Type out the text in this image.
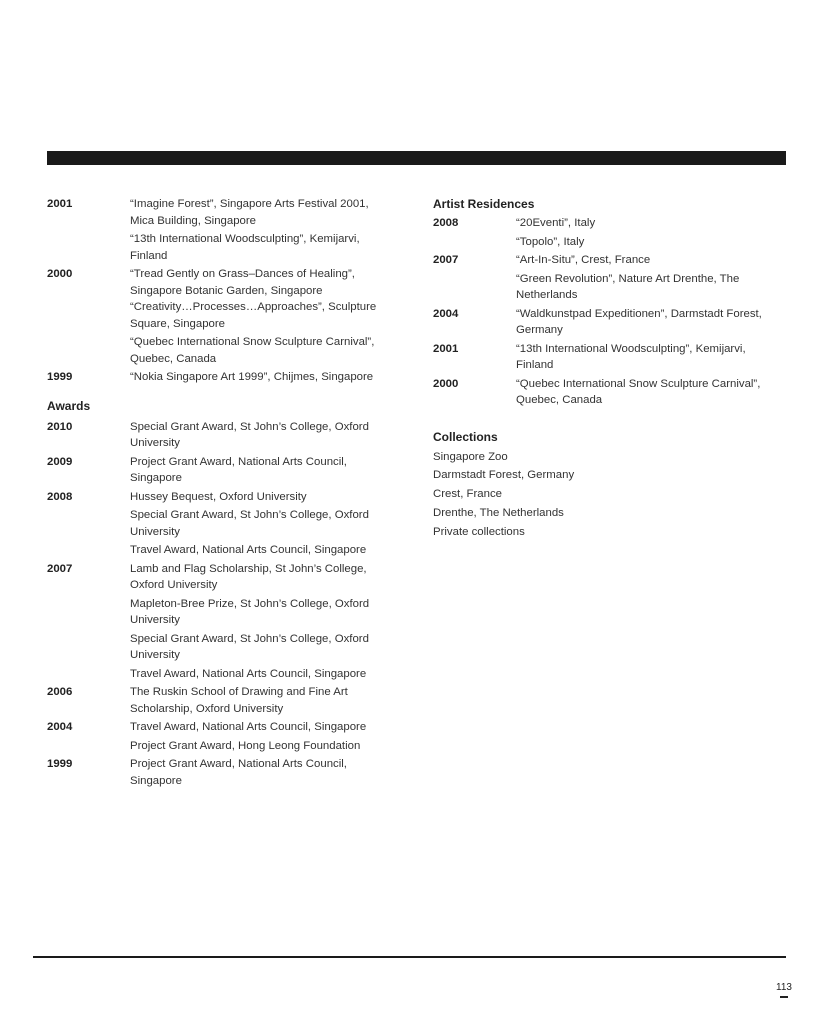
2001	“Imagine Forest”, Singapore Arts Festival 2001, Mica Building, Singapore
“13th International Woodsculpting”, Kemijarvi, Finland
2000	“Tread Gently on Grass–Dances of Healing”, Singapore Botanic Garden, Singapore
“Creativity…Processes…Approaches”, Sculpture Square, Singapore
“Quebec International Snow Sculpture Carnival”, Quebec, Canada
1999	“Nokia Singapore Art 1999”, Chijmes, Singapore
Awards
2010	Special Grant Award, St John’s College, Oxford University
2009	Project Grant Award, National Arts Council, Singapore
2008	Hussey Bequest, Oxford University
Special Grant Award, St John’s College, Oxford University
Travel Award, National Arts Council, Singapore
2007	Lamb and Flag Scholarship, St John’s College, Oxford University
Mapleton-Bree Prize, St John’s College, Oxford University
Special Grant Award, St John’s College, Oxford University
Travel Award, National Arts Council, Singapore
2006	The Ruskin School of Drawing and Fine Art Scholarship, Oxford University
2004	Travel Award, National Arts Council, Singapore
Project Grant Award, Hong Leong Foundation
1999	Project Grant Award, National Arts Council, Singapore
Artist Residences
2008	“20Eventi”, Italy
“Topolo”, Italy
2007	“Art-In-Situ”, Crest, France
“Green Revolution”, Nature Art Drenthe, The Netherlands
2004	“Waldkunstpad Expeditionen”, Darmstadt Forest, Germany
2001	“13th International Woodsculpting”, Kemijarvi, Finland
2000	“Quebec International Snow Sculpture Carnival”, Quebec, Canada
Collections
Singapore Zoo
Darmstadt Forest, Germany
Crest, France
Drenthe, The Netherlands
Private collections
113
